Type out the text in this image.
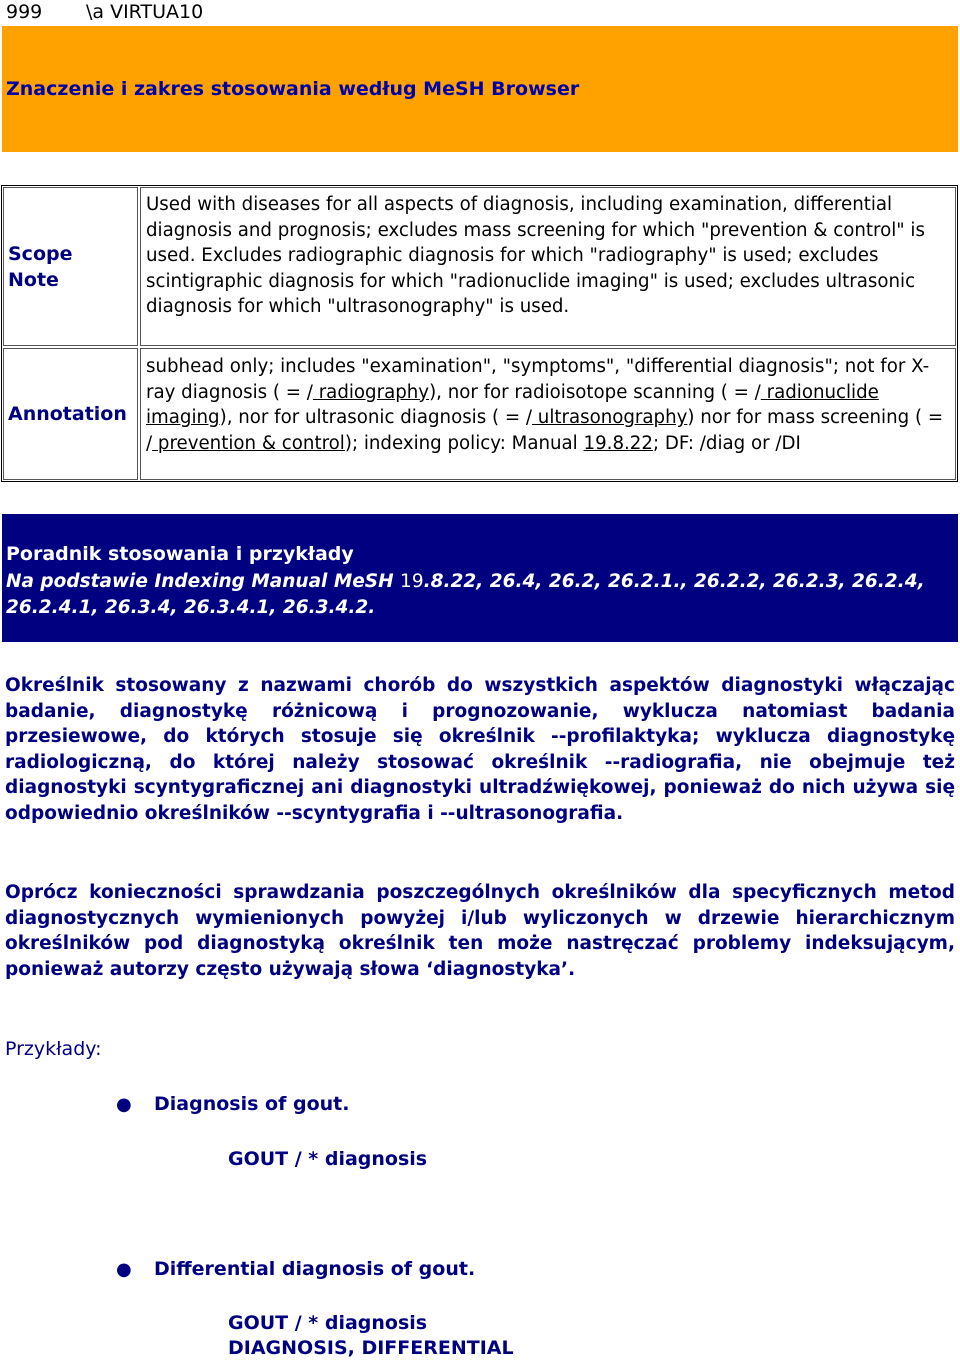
999 \a VIRTUA10
Znaczenie i zakres stosowania według MeSH Browser
Scope Note
Used with diseases for all aspects of diagnosis, including examination, differential diagnosis and prognosis; excludes mass screening for which "prevention & control" is used. Excludes radiographic diagnosis for which "radiography" is used; excludes scintigraphic diagnosis for which "radionuclide imaging" is used; excludes ultrasonic diagnosis for which "ultrasonography" is used.
Annotation
subhead only; includes "examination", "symptoms", "differential diagnosis"; not for X-ray diagnosis ( = / radiography), nor for radioisotope scanning ( = / radionuclide imaging), nor for ultrasonic diagnosis ( = / ultrasonography) nor for mass screening ( = / prevention & control); indexing policy: Manual 19.8.22; DF: /diag or /DI
Poradnik stosowania i przykłady
Na podstawie Indexing Manual MeSH 19.8.22, 26.4, 26.2, 26.2.1., 26.2.2, 26.2.3, 26.2.4, 26.2.4.1, 26.3.4, 26.3.4.1, 26.3.4.2.
Określnik stosowany z nazwami chorób do wszystkich aspektów diagnostyki włączając badanie, diagnostykę różnicową i prognozowanie, wyklucza natomiast badania przesiewowe, do których stosuje się określnik --profilaktyka; wyklucza diagnostykę radiologiczną, do której należy stosować określnik --radiografia, nie obejmuje też diagnostyki scyntygraficznej ani diagnostyki ultradźwiękowej, ponieważ do nich używa się odpowiednio określników --scyntygrafia i --ultrasonografia.
Oprócz konieczności sprawdzania poszczególnych określników dla specyficznych metod diagnostycznych wymienionych powyżej i/lub wyliczonych w drzewie hierarchicznym określników pod diagnostyką określnik ten może nastręczać problemy indeksującym, ponieważ autorzy często używają słowa ‘diagnostyka’.
Przykłady:
● Diagnosis of gout.
GOUT / * diagnosis
● Differential diagnosis of gout.
GOUT / * diagnosis
DIAGNOSIS, DIFFERENTIAL
